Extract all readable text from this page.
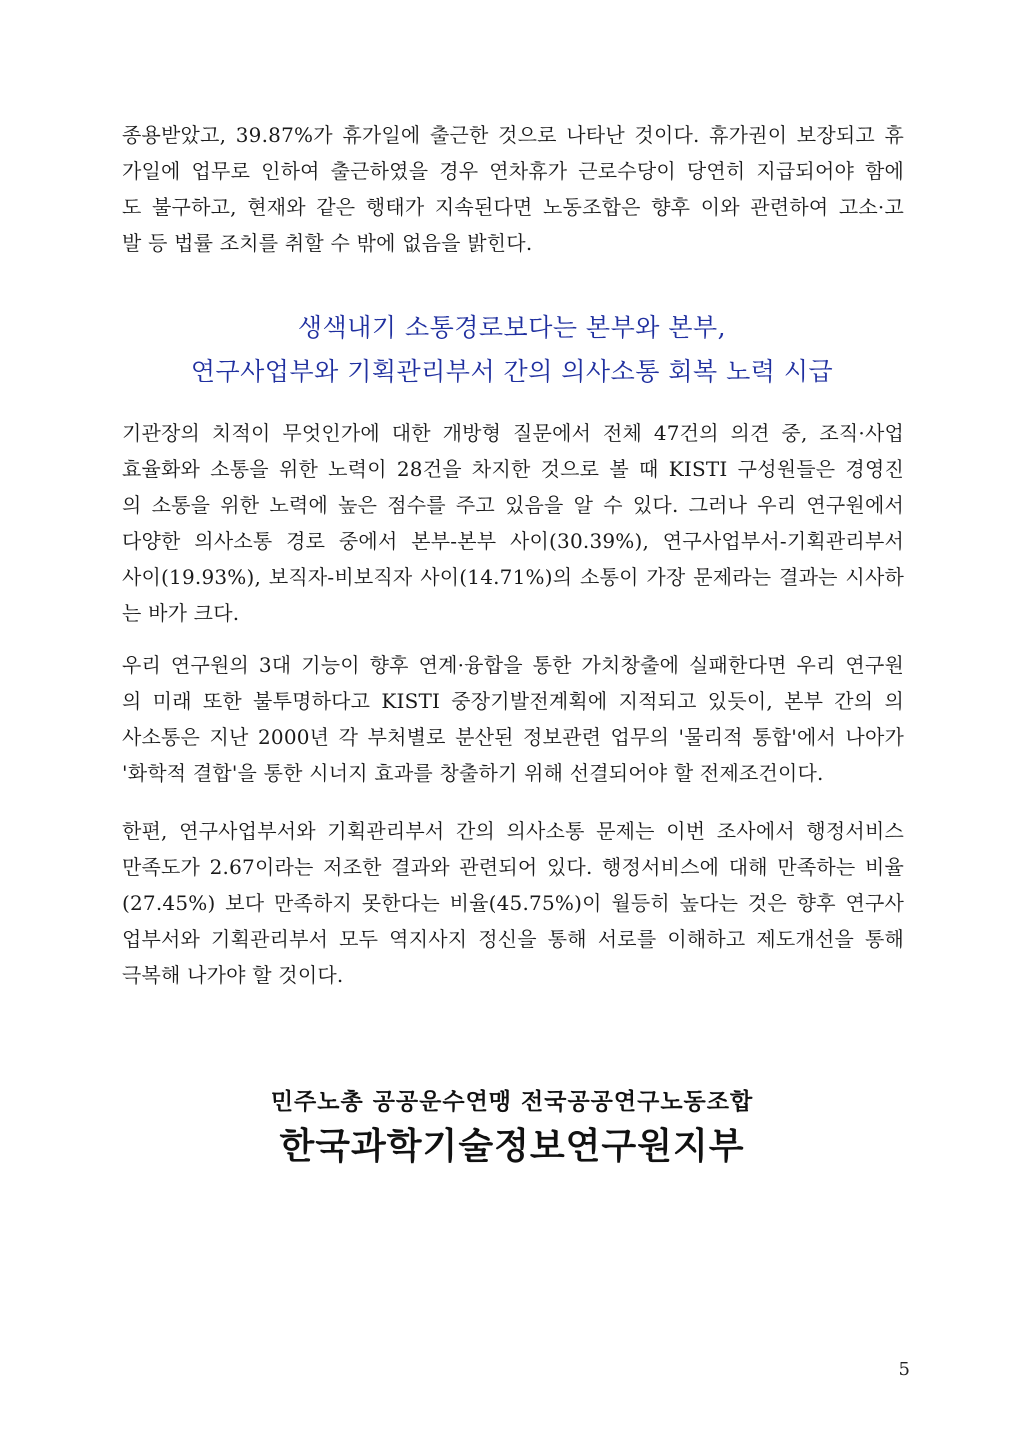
종용받았고, 39.87%가 휴가일에 출근한 것으로 나타난 것이다. 휴가권이 보장되고 휴
가일에 업무로 인하여 출근하였을 경우 연차휴가 근로수당이 당연히 지급되어야 함에
도 불구하고, 현재와 같은 행태가 지속된다면 노동조합은 향후 이와 관련하여 고소·고
발 등 법률 조치를 취할 수 밖에 없음을 밝힌다.
생색내기 소통경로보다는 본부와 본부,
연구사업부와 기획관리부서 간의 의사소통 회복 노력 시급
기관장의 치적이 무엇인가에 대한 개방형 질문에서 전체 47건의 의견 중, 조직·사업
효율화와 소통을 위한 노력이 28건을 차지한 것으로 볼 때 KISTI 구성원들은 경영진
의 소통을 위한 노력에 높은 점수를 주고 있음을 알 수 있다. 그러나 우리 연구원에서
다양한 의사소통 경로 중에서 본부-본부 사이(30.39%), 연구사업부서-기획관리부서
사이(19.93%), 보직자-비보직자 사이(14.71%)의 소통이 가장 문제라는 결과는 시사하
는 바가 크다.
우리 연구원의 3대 기능이 향후 연계·융합을 통한 가치창출에 실패한다면 우리 연구원
의 미래 또한 불투명하다고 KISTI 중장기발전계획에 지적되고 있듯이, 본부 간의 의
사소통은 지난 2000년 각 부처별로 분산된 정보관련 업무의 '물리적 통합'에서 나아가
'화학적 결합'을 통한 시너지 효과를 창출하기 위해 선결되어야 할 전제조건이다.
한편, 연구사업부서와 기획관리부서 간의 의사소통 문제는 이번 조사에서 행정서비스
만족도가 2.67이라는 저조한 결과와 관련되어 있다. 행정서비스에 대해 만족하는 비율
(27.45%) 보다 만족하지 못한다는 비율(45.75%)이 월등히 높다는 것은 향후 연구사
업부서와 기획관리부서 모두 역지사지 정신을 통해 서로를 이해하고 제도개선을 통해
극복해 나가야 할 것이다.
민주노총 공공운수연맹 전국공공연구노동조합
한국과학기술정보연구원지부
5
